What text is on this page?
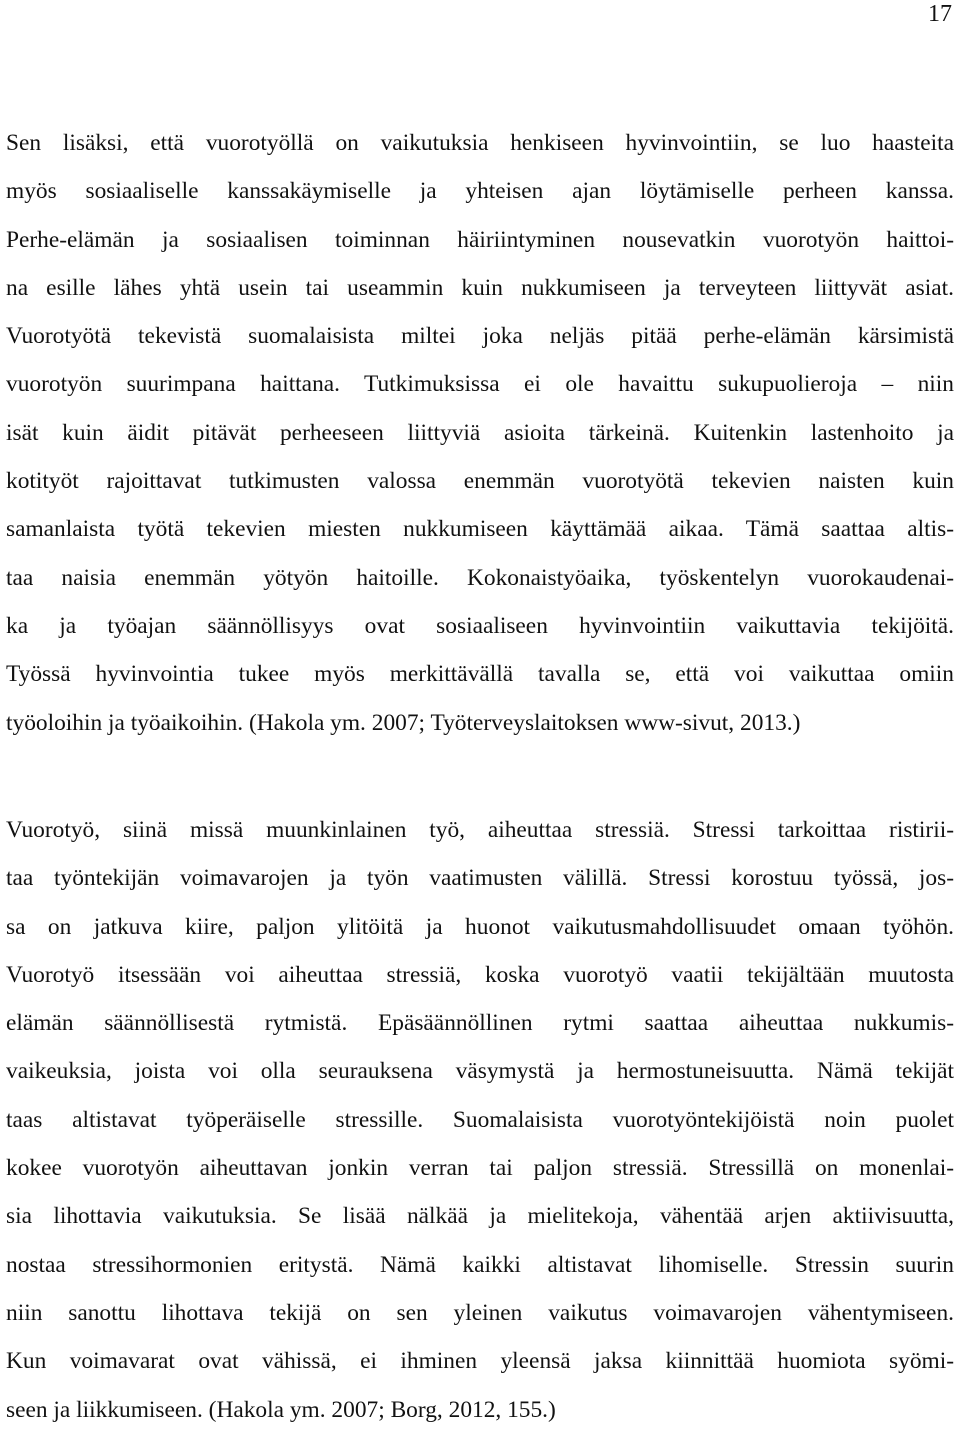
17
Sen lisäksi, että vuorotyöllä on vaikutuksia henkiseen hyvinvointiin, se luo haasteita
myös sosiaaliselle kanssakäymiselle ja yhteisen ajan löytämiselle perheen kanssa.
Perhe-elämän ja sosiaalisen toiminnan häiriintyminen nousevatkin vuorotyön haittoi-
na esille lähes yhtä usein tai useammin kuin nukkumiseen ja terveyteen liittyvät asiat.
Vuorotyötä tekevistä suomalaisista miltei joka neljäs pitää perhe-elämän kärsimistä
vuorotyön suurimpana haittana. Tutkimuksissa ei ole havaittu sukupuolieroja – niin
isät kuin äidit pitävät perheeseen liittyviä asioita tärkeinä. Kuitenkin lastenhoito ja
kotityöt rajoittavat tutkimusten valossa enemmän vuorotyötä tekevien naisten kuin
samanlaista työtä tekevien miesten nukkumiseen käyttämää aikaa. Tämä saattaa altis-
taa naisia enemmän yötyön haitoille. Kokonaistyöaika, työskentelyn vuorokaudenai-
ka ja työajan säännöllisyys ovat sosiaaliseen hyvinvointiin vaikuttavia tekijöitä.
Työssä hyvinvointia tukee myös merkittävällä tavalla se, että voi vaikuttaa omiin
työoloihin ja työaikoihin. (Hakola ym. 2007; Työterveyslaitoksen www-sivut, 2013.)
Vuorotyö, siinä missä muunkinlainen työ, aiheuttaa stressiä. Stressi tarkoittaa ristirii-
taa työntekijän voimavarojen ja työn vaatimusten välillä. Stressi korostuu työssä, jos-
sa on jatkuva kiire, paljon ylitöitä ja huonot vaikutusmahdollisuudet omaan työhön.
Vuorotyö itsessään voi aiheuttaa stressiä, koska vuorotyö vaatii tekijältään muutosta
elämän säännöllisestä rytmistä. Epäsäännöllinen rytmi saattaa aiheuttaa nukkumis-
vaikeuksia, joista voi olla seurauksena väsymystä ja hermostuneisuutta. Nämä tekijät
taas altistavat työperäiselle stressille. Suomalaisista vuorotyöntekijöistä noin puolet
kokee vuorotyön aiheuttavan jonkin verran tai paljon stressiä. Stressillä on monenlai-
sia lihottavia vaikutuksia. Se lisää nälkää ja mielitekoja, vähentää arjen aktiivisuutta,
nostaa stressihormonien eritystä. Nämä kaikki altistavat lihomiselle. Stressin suurin
niin sanottu lihottava tekijä on sen yleinen vaikutus voimavarojen vähentymiseen.
Kun voimavarat ovat vähissä, ei ihminen yleensä jaksa kiinnittää huomiota syömi-
seen ja liikkumiseen. (Hakola ym. 2007; Borg, 2012, 155.)
